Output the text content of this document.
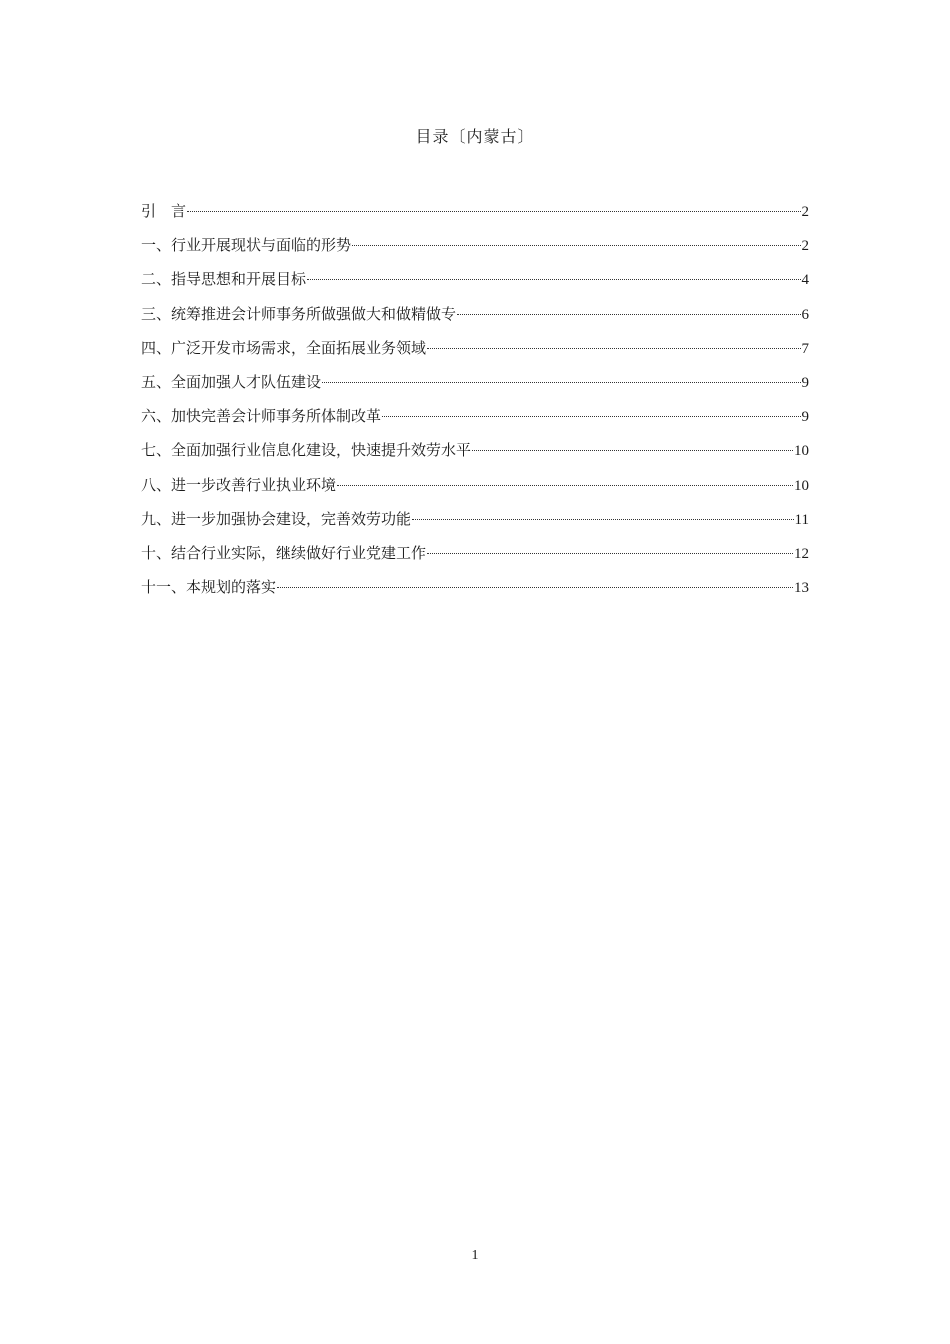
目录〔内蒙古〕
引　言	2
一、行业开展现状与面临的形势	2
二、指导思想和开展目标	4
三、统筹推进会计师事务所做强做大和做精做专	6
四、广泛开发市场需求，全面拓展业务领域	7
五、全面加强人才队伍建设	9
六、加快完善会计师事务所体制改革	9
七、全面加强行业信息化建设，快速提升效劳水平	10
八、进一步改善行业执业环境	10
九、进一步加强协会建设，完善效劳功能	11
十、结合行业实际，继续做好行业党建工作	12
十一、本规划的落实	13
1
